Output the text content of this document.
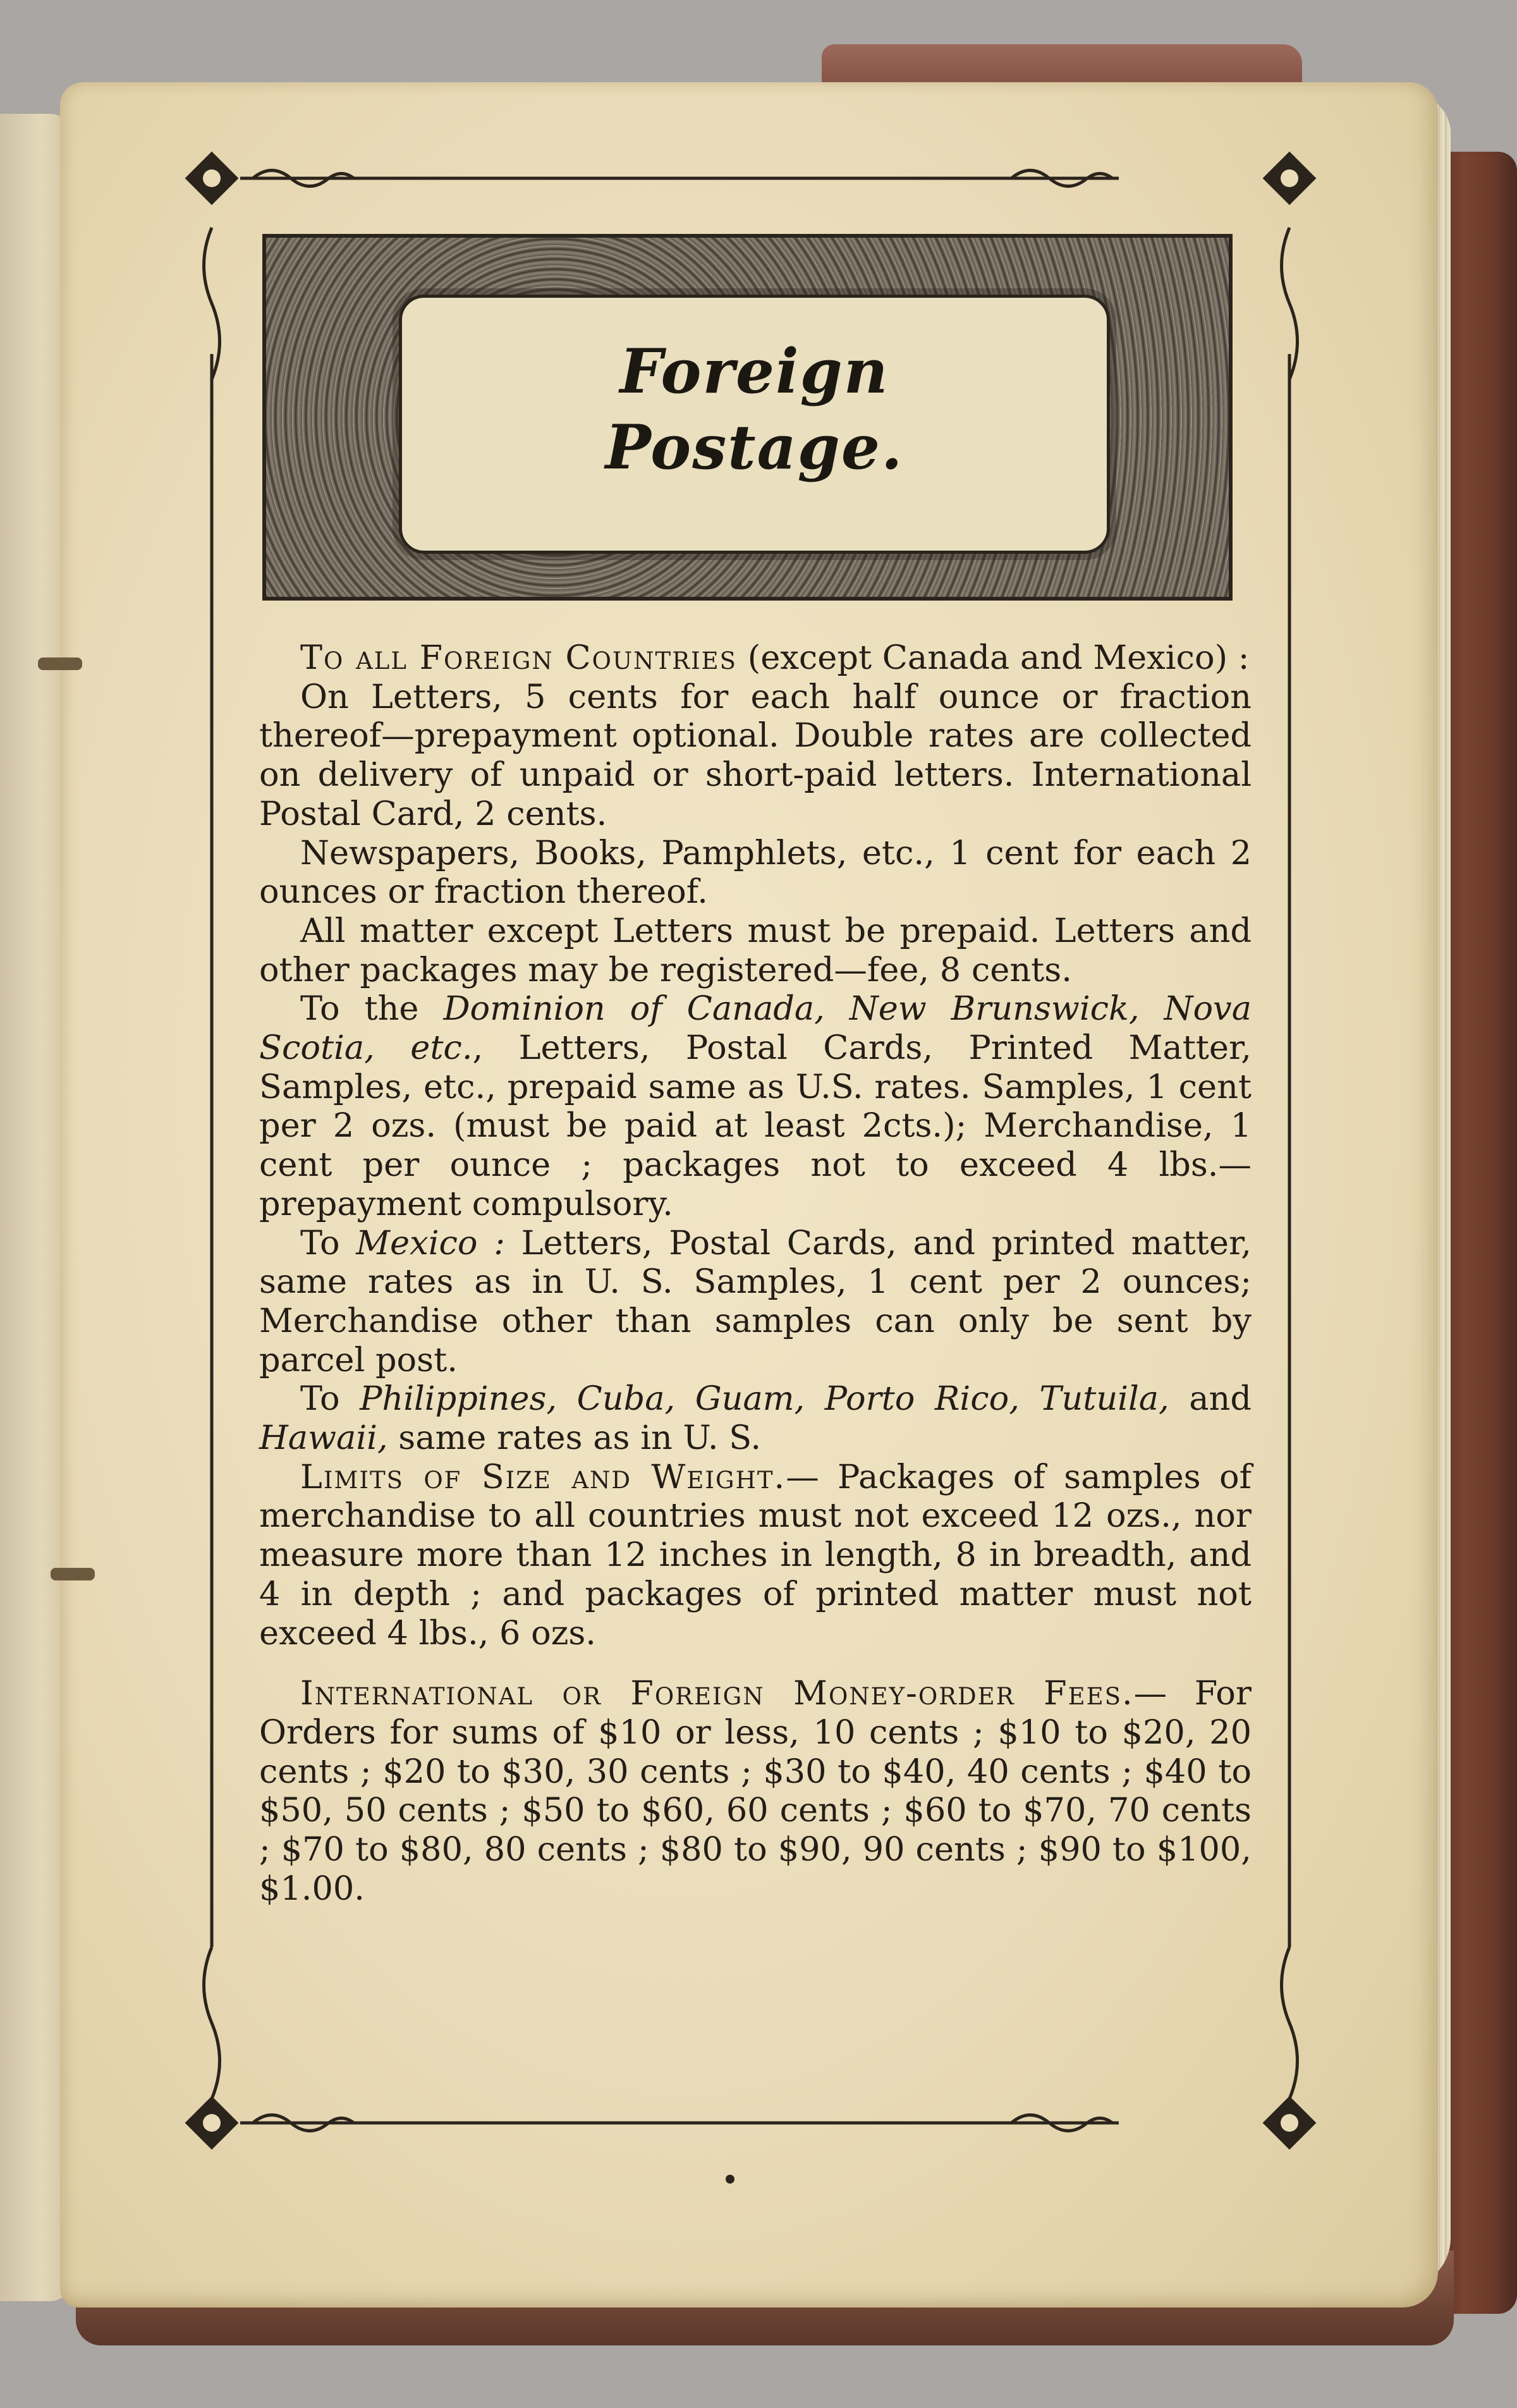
Foreign
Postage.

To all Foreign Countries (except Canada and Mexico) :

On Letters, 5 cents for each half ounce or fraction thereof—prepayment optional. Double rates are collected on delivery of unpaid or short-paid letters. International Postal Card, 2 cents.

Newspapers, Books, Pamphlets, etc., 1 cent for each 2 ounces or fraction thereof.

All matter except Letters must be prepaid. Letters and other packages may be registered—fee, 8 cents.

To the Dominion of Canada, New Brunswick, Nova Scotia, etc., Letters, Postal Cards, Printed Matter, Samples, etc., prepaid same as U.S. rates. Samples, 1 cent per 2 ozs. (must be paid at least 2cts.); Merchandise, 1 cent per ounce ; packages not to exceed 4 lbs.—prepayment compulsory.

To Mexico : Letters, Postal Cards, and printed matter, same rates as in U. S. Samples, 1 cent per 2 ounces; Merchandise other than samples can only be sent by parcel post.

To Philippines, Cuba, Guam, Porto Rico, Tutuila, and Hawaii, same rates as in U. S.

Limits of Size and Weight.— Packages of samples of merchandise to all countries must not exceed 12 ozs., nor measure more than 12 inches in length, 8 in breadth, and 4 in depth ; and packages of printed matter must not exceed 4 lbs., 6 ozs.

International or Foreign Money-order Fees.— For Orders for sums of $10 or less, 10 cents ; $10 to $20, 20 cents ; $20 to $30, 30 cents ; $30 to $40, 40 cents ; $40 to $50, 50 cents ; $50 to $60, 60 cents ; $60 to $70, 70 cents ; $70 to $80, 80 cents ; $80 to $90, 90 cents ; $90 to $100, $1.00.
